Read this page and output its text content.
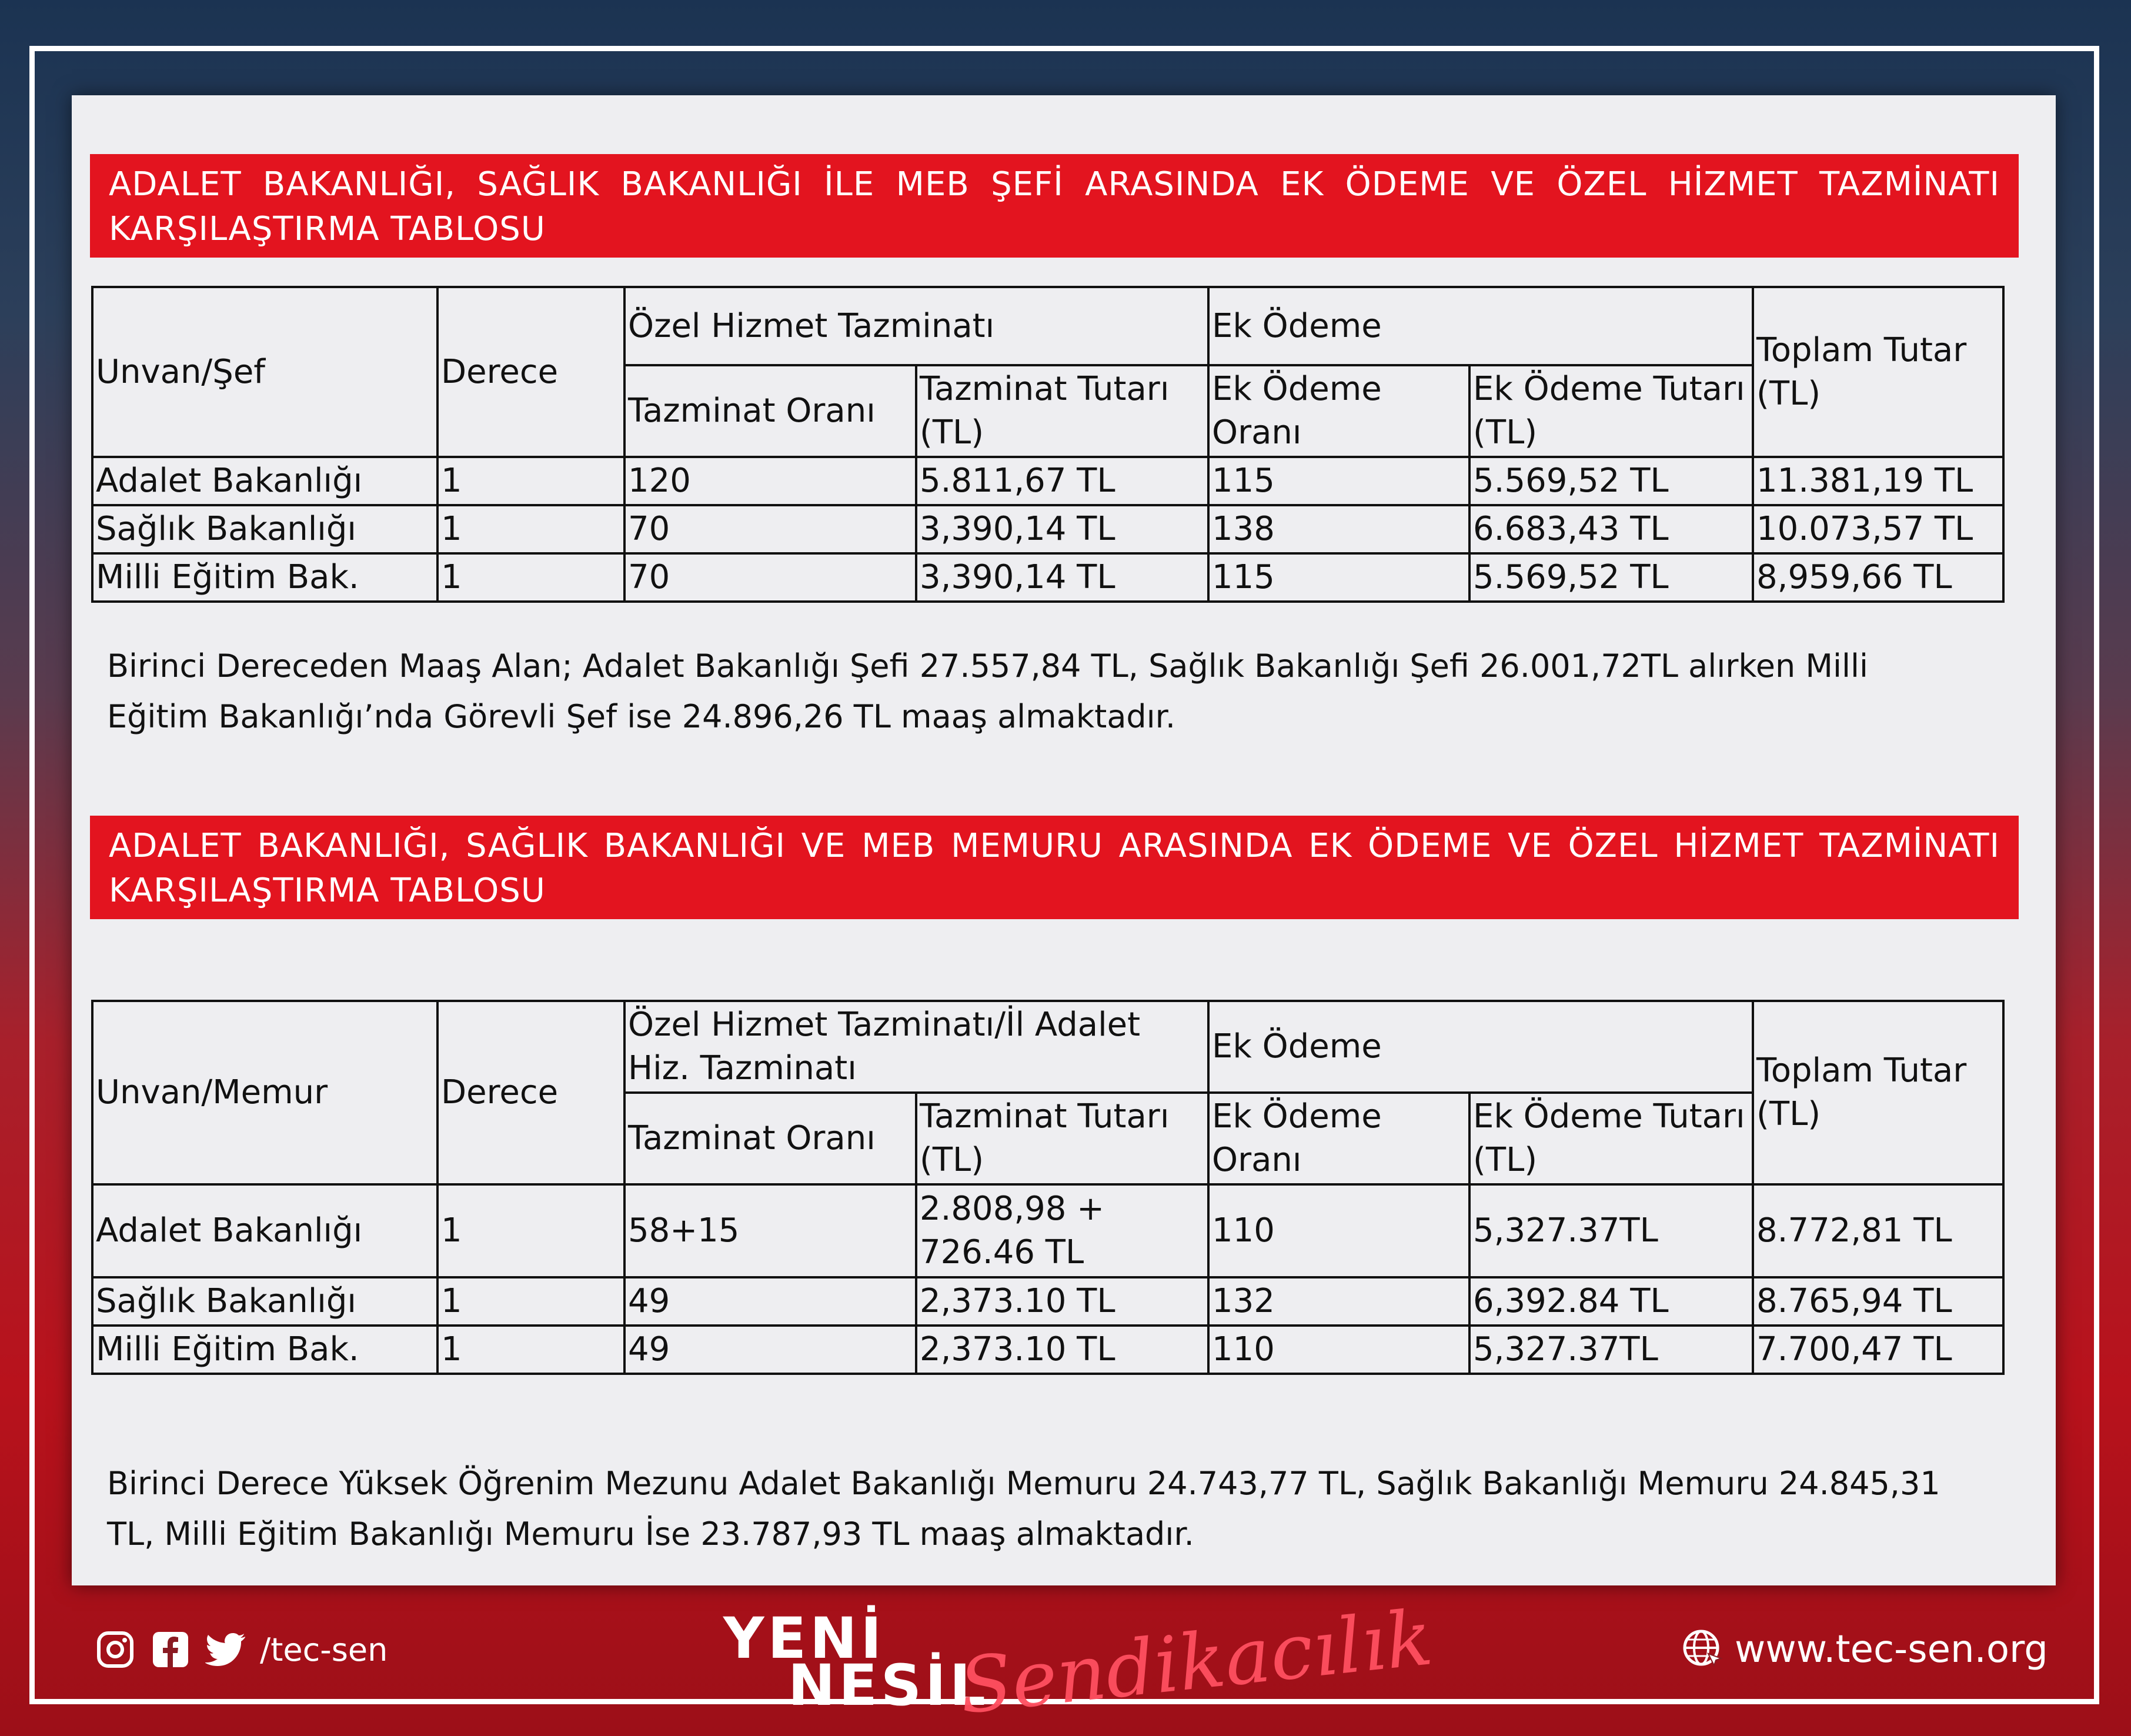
ADALET BAKANLIĞI, SAĞLIK BAKANLIĞI İLE MEB ŞEFİ ARASINDA EK ÖDEME VE ÖZEL HİZMET TAZMİNATI KARŞILAŞTIRMA TABLOSU
Unvan/Şef	Derece	Özel Hizmet Tazminatı		Ek Ödeme		Toplam Tutar (TL)
		Tazminat Oranı	Tazminat Tutarı (TL)	Ek Ödeme Oranı	Ek Ödeme Tutarı (TL)	
Adalet Bakanlığı	1	120	5.811,67 TL	115	5.569,52 TL	11.381,19 TL
Sağlık Bakanlığı	1	70	3,390,14 TL	138	6.683,43 TL	10.073,57 TL
Milli Eğitim Bak.	1	70	3,390,14 TL	115	5.569,52 TL	8,959,66 TL
Birinci Dereceden Maaş Alan; Adalet Bakanlığı Şefi 27.557,84 TL, Sağlık Bakanlığı Şefi 26.001,72TL alırken Milli Eğitim Bakanlığı’nda Görevli Şef ise 24.896,26 TL maaş almaktadır.
ADALET BAKANLIĞI, SAĞLIK BAKANLIĞI VE MEB MEMURU ARASINDA EK ÖDEME VE ÖZEL HİZMET TAZMİNATI KARŞILAŞTIRMA TABLOSU
Unvan/Memur	Derece	Özel Hizmet Tazminatı/İl Adalet Hiz. Tazminatı		Ek Ödeme		Toplam Tutar (TL)
		Tazminat Oranı	Tazminat Tutarı (TL)	Ek Ödeme Oranı	Ek Ödeme Tutarı (TL)	
Adalet Bakanlığı	1	58+15	2.808,98 + 726.46 TL	110	5,327.37TL	8.772,81 TL
Sağlık Bakanlığı	1	49	2,373.10 TL	132	6,392.84 TL	8.765,94 TL
Milli Eğitim Bak.	1	49	2,373.10 TL	110	5,327.37TL	7.700,47 TL
Birinci Derece Yüksek Öğrenim Mezunu Adalet Bakanlığı Memuru 24.743,77 TL, Sağlık Bakanlığı Memuru 24.845,31 TL, Milli Eğitim Bakanlığı Memuru İse 23.787,93 TL maaş almaktadır.
/tec-sen	YENİ
NESİL
Sendikacılık	www.tec-sen.org
